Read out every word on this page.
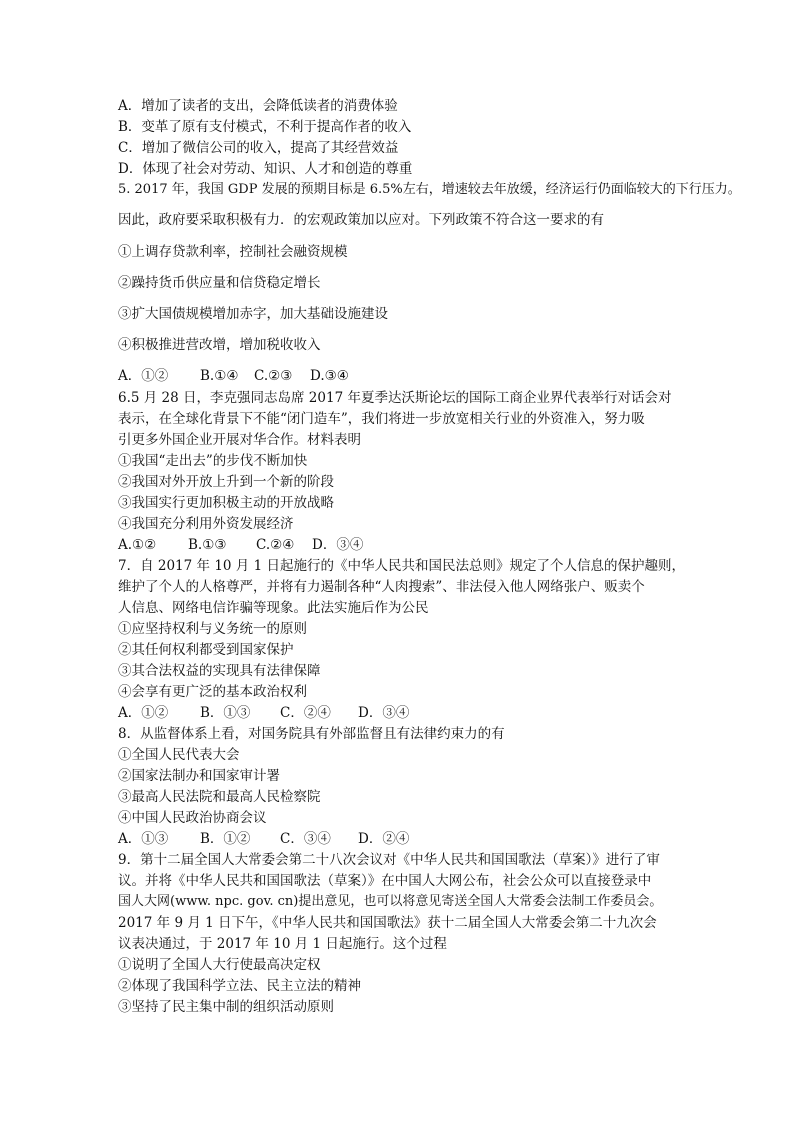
A．增加了读者的支出，会降低读者的消费体验
B．变革了原有支付模式，不利于提高作者的收入
C．增加了微信公司的收入，提高了其经营效益
D．体现了社会对劳动、知识、人才和创造的尊重
5. 2017 年，我国 GDP 发展的预期目标是 6.5%左右，增速较去年放缓，经济运行仍面临较大的下行压力。
因此，政府要采取积极有力．的宏观政策加以应对。下列政策不符合这一要求的有
①上调存贷款利率，控制社会融资规模
②躁持货币供应量和信贷稳定增长
③扩大国债规模增加赤字，加大基础设施建设
④积极推进营改增，增加税收收入
A．①② B.①④ C.②③ D.③④
6.5 月 28 日，李克强同志岛席 2017 年夏季达沃斯论坛的国际工商企业界代表举行对话会对
表示，在全球化背景下不能“闭门造车”，我们将进一步放宽相关行业的外资准入，努力吸
引更多外国企业开展对华合作。材料表明
①我国“走出去”的步伐不断加快
②我国对外开放上升到一个新的阶段
③我国实行更加积极主动的开放战略
④我国充分利用外资发展经济
A.①② B.①③ C.②④ D．③④
7．自 2017 年 10 月 1 日起施行的《中华人民共和国民法总则》规定了个人信息的保护趣则，
维护了个人的人格尊严，并将有力遏制各种“人肉搜索”、非法侵入他人网络张户、贩卖个
人信息、网络电信诈骗等现象。此法实施后作为公民
①应坚持权利与义务统一的原则
②其任何权利都受到国家保护
③其合法权益的实现具有法律保障
④会享有更广泛的基本政治权利
A．①② B．①③ C．②④ D．③④
8．从监督体系上看，对国务院具有外部监督且有法律约束力的有
①全国人民代表大会
②国家法制办和国家审计署
③最高人民法院和最高人民检察院
④中国人民政治协商会议
A．①③ B．①② C．③④ D．②④
9．第十二届全国人大常委会第二十八次会议对《中华人民共和国国歌法（草案）》进行了审
议。并将《中华人民共和国国歌法（草案）》在中国人大网公布，社会公众可以直接登录中
国人大网(www. npc. gov. cn)提出意见，也可以将意见寄送全国人大常委会法制工作委员会。
2017 年 9 月 1 日下午，《中华人民共和国国歌法》获十二届全国人大常委会第二十九次会
议表决通过，于 2017 年 10 月 1 日起施行。这个过程
①说明了全国人大行使最高决定权
②体现了我国科学立法、民主立法的精神
③坚持了民主集中制的组织活动原则
